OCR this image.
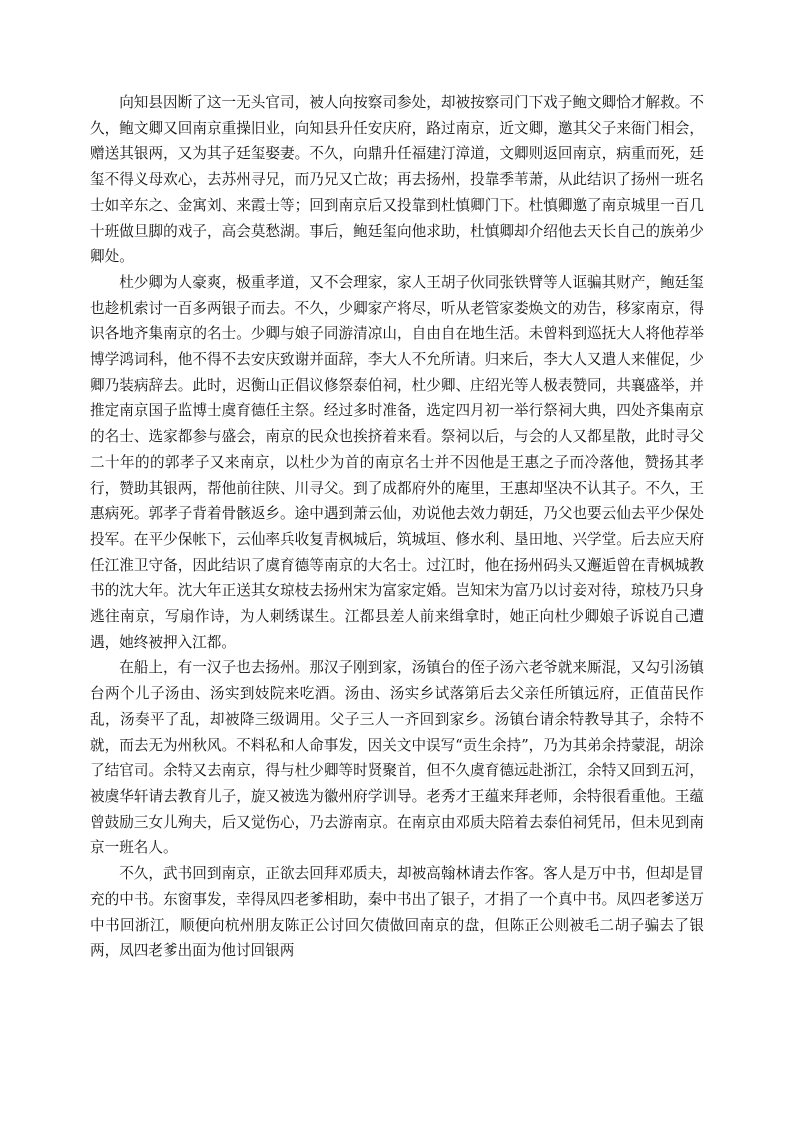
向知县因断了这一无头官司，被人向按察司参处，却被按察司门下戏子鲍文卿恰才解救。不久，鲍文卿又回南京重操旧业，向知县升任安庆府，路过南京，近文卿，邀其父子来衙门相会，赠送其银两，又为其子廷玺娶妻。不久，向鼎升任福建汀漳道，文卿则返回南京，病重而死，廷玺不得义母欢心，去苏州寻兄，而乃兄又亡故；再去扬州，投靠季苇萧，从此结识了扬州一班名士如辛东之、金寓刘、来霞士等；回到南京后又投靠到杜慎卿门下。杜慎卿邀了南京城里一百几十班做旦脚的戏子，高会莫愁湖。事后，鲍廷玺向他求助，杜慎卿却介绍他去天长自己的族弟少卿处。

杜少卿为人豪爽，极重孝道，又不会理家，家人王胡子伙同张铁臂等人诓骗其财产，鲍廷玺也趁机索讨一百多两银子而去。不久，少卿家产将尽，听从老管家娄焕文的劝告，移家南京，得识各地齐集南京的名士。少卿与娘子同游清凉山，自由自在地生活。未曾料到巡抚大人将他荐举博学鸿词科，他不得不去安庆致谢并面辞，李大人不允所请。归来后，李大人又遣人来催促，少卿乃装病辞去。此时，迟衡山正倡议修祭泰伯祠，杜少卿、庄绍光等人极表赞同，共襄盛举，并推定南京国子监博士虞育德任主祭。经过多时准备，选定四月初一举行祭祠大典，四处齐集南京的名士、选家都参与盛会，南京的民众也挨挤着来看。祭祠以后，与会的人又都星散，此时寻父二十年的的郭孝子又来南京，以杜少为首的南京名士并不因他是王惠之子而冷落他，赞扬其孝行，赞助其银两，帮他前往陕、川寻父。到了成都府外的庵里，王惠却坚决不认其子。不久，王惠病死。郭孝子背着骨骸返乡。途中遇到萧云仙，劝说他去效力朝廷，乃父也要云仙去平少保处投军。在平少保帐下，云仙率兵收复青枫城后，筑城垣、修水利、垦田地、兴学堂。后去应天府任江淮卫守备，因此结识了虞育德等南京的大名士。过江时，他在扬州码头又邂逅曾在青枫城教书的沈大年。沈大年正送其女琼枝去扬州宋为富家定婚。岂知宋为富乃以讨妾对待，琼枝乃只身逃往南京，写扇作诗，为人刺绣谋生。江都县差人前来缉拿时，她正向杜少卿娘子诉说自己遭遇，她终被押入江都。

在船上，有一汉子也去扬州。那汉子刚到家，汤镇台的侄子汤六老爷就来厮混，又勾引汤镇台两个儿子汤由、汤实到妓院来吃酒。汤由、汤实乡试落第后去父亲任所镇远府，正值苗民作乱，汤奏平了乱，却被降三级调用。父子三人一齐回到家乡。汤镇台请余特教导其子，余特不就，而去无为州秋风。不料私和人命事发，因关文中误写“贡生余持”，乃为其弟余持蒙混，胡涂了结官司。余特又去南京，得与杜少卿等时贤聚首，但不久虞育德远赴浙江，余特又回到五河，被虞华轩请去教育儿子，旋又被选为徽州府学训导。老秀才王蕴来拜老师，余特很看重他。王蕴曾鼓励三女儿殉夫，后又觉伤心，乃去游南京。在南京由邓质夫陪着去泰伯祠凭吊，但未见到南京一班名人。

不久，武书回到南京，正欲去回拜邓质夫，却被高翰林请去作客。客人是万中书，但却是冒充的中书。东窗事发，幸得凤四老爹相助，秦中书出了银子，才捐了一个真中书。凤四老爹送万中书回浙江，顺便向杭州朋友陈正公讨回欠债做回南京的盘，但陈正公则被毛二胡子骗去了银两，凤四老爹出面为他讨回银两
